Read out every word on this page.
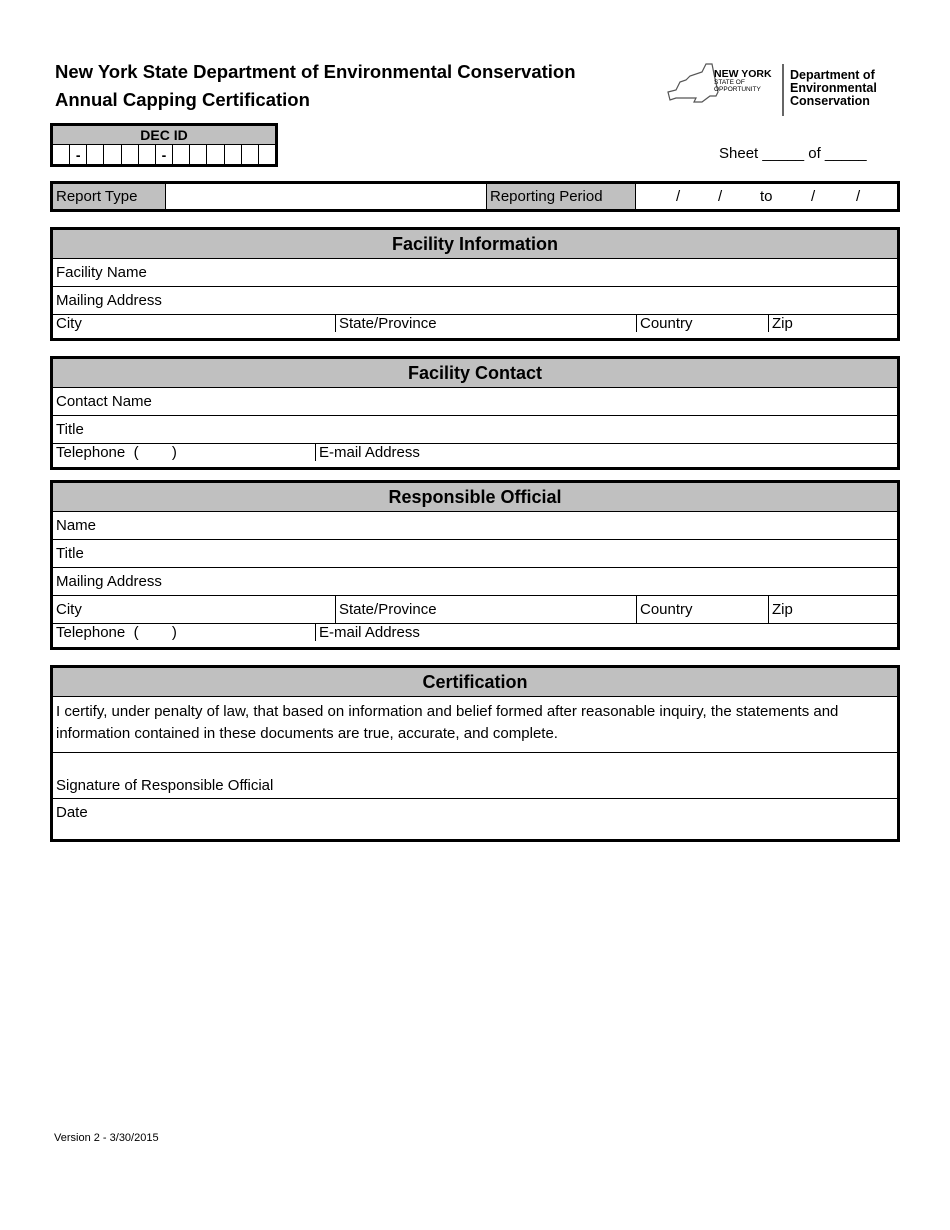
New York State Department of Environmental Conservation
Annual Capping Certification
NEW YORK
STATE OF
OPPORTUNITY
Department of
Environmental
Conservation
Sheet _____ of _____
DEC ID
-	-
Report Type	Reporting Period	/	/	to	/	/
Facility Information
Facility Name
Mailing Address
City	State/Province	Country	Zip
Facility Contact
Contact Name
Title
Telephone  (        )	E-mail Address
Responsible Official
Name
Title
Mailing Address
City	State/Province	Country	Zip
Telephone  (        )	E-mail Address
Certification
I certify, under penalty of law, that based on information and belief formed after reasonable inquiry, the statements and information contained in these documents are true, accurate, and complete.
Signature of Responsible Official
Date
Version 2 - 3/30/2015
